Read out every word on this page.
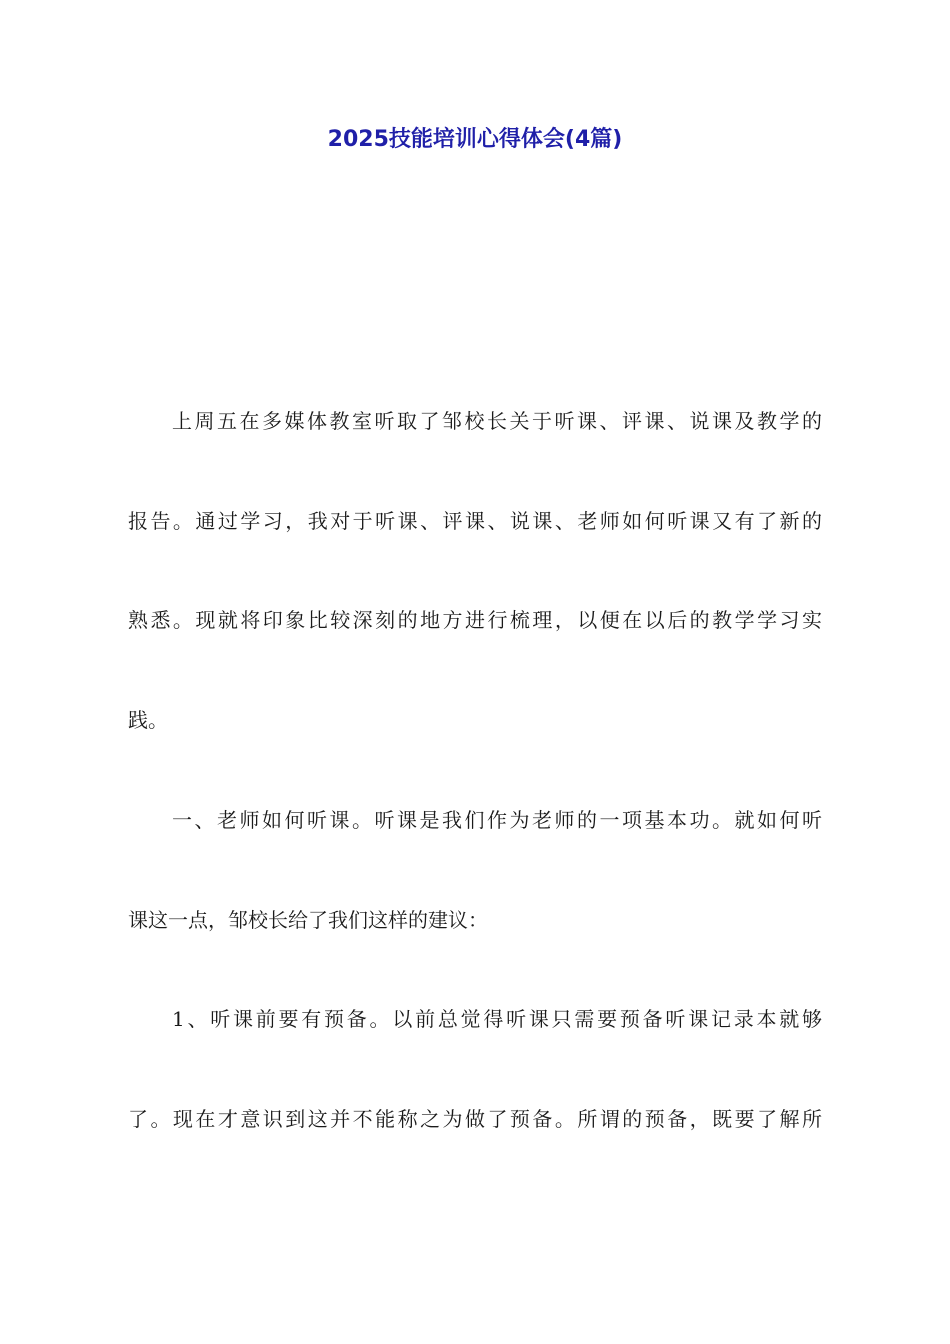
2025技能培训心得体会(4篇)
上周五在多媒体教室听取了邹校长关于听课、评课、说课及教学的
报告。通过学习，我对于听课、评课、说课、老师如何听课又有了新的
熟悉。现就将印象比较深刻的地方进行梳理，以便在以后的教学学习实
践。
一、老师如何听课。听课是我们作为老师的一项基本功。就如何听
课这一点，邹校长给了我们这样的建议：
1、听课前要有预备。以前总觉得听课只需要预备听课记录本就够
了。现在才意识到这并不能称之为做了预备。所谓的预备，既要了解所
